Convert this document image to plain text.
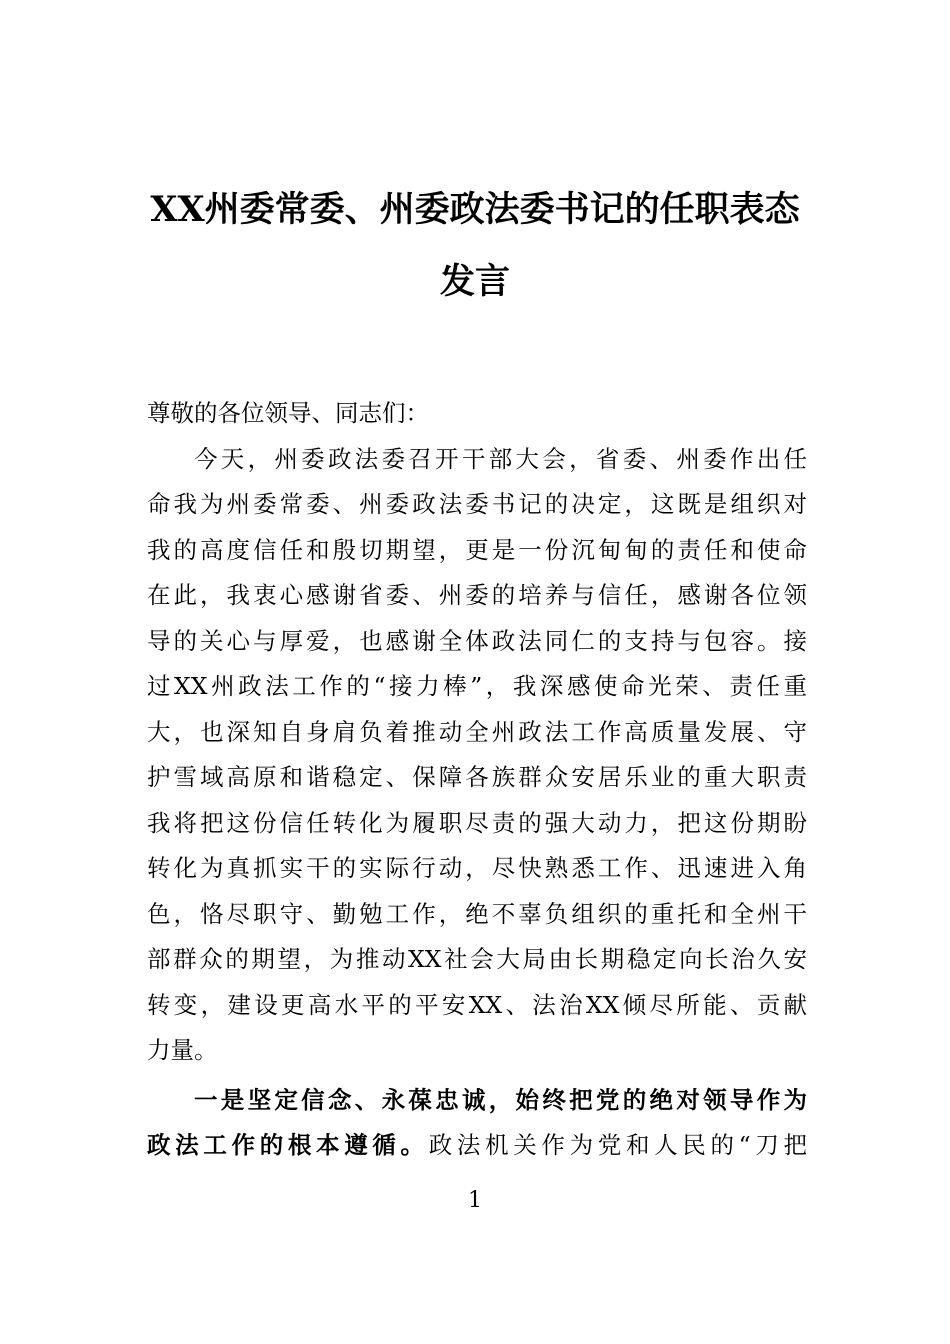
XX州委常委、州委政法委书记的任职表态
发言
尊敬的各位领导、同志们：
今天，州委政法委召开干部大会，省委、州委作出任
命我为州委常委、州委政法委书记的决定，这既是组织对
我的高度信任和殷切期望，更是一份沉甸甸的责任和使命
在此，我衷心感谢省委、州委的培养与信任，感谢各位领
导的关心与厚爱，也感谢全体政法同仁的支持与包容。接
过XX州政法工作的“接力棒”，我深感使命光荣、责任重
大，也深知自身肩负着推动全州政法工作高质量发展、守
护雪域高原和谐稳定、保障各族群众安居乐业的重大职责
我将把这份信任转化为履职尽责的强大动力，把这份期盼
转化为真抓实干的实际行动，尽快熟悉工作、迅速进入角
色，恪尽职守、勤勉工作，绝不辜负组织的重托和全州干
部群众的期望，为推动XX社会大局由长期稳定向长治久安
转变，建设更高水平的平安XX、法治XX倾尽所能、贡献
力量。
一是坚定信念、永葆忠诚，始终把党的绝对领导作为
政法工作的根本遵循。政法机关作为党和人民的“刀把
1
